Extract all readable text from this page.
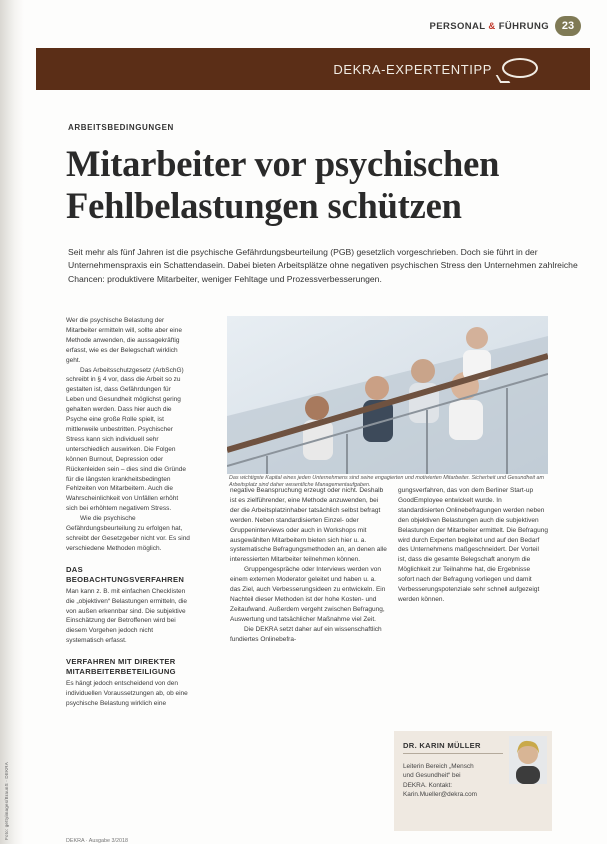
Foto: gettyimages/BraunS · DEKRA
PERSONAL & FÜHRUNG	23
DEKRA-EXPERTENTIPP
ARBEITSBEDINGUNGEN
Mitarbeiter vor psychischen
Fehlbelastungen schützen

Seit mehr als fünf Jahren ist die psychische Gefährdungsbeurteilung (PGB) gesetzlich vorgeschrieben. Doch sie führt in der Unternehmenspraxis ein Schattendasein. Dabei bieten Arbeitsplätze ohne negativen psychischen Stress den Unternehmen zahlreiche Chancen: produktivere Mitarbeiter, weniger Fehltage und Prozessverbesserungen.

Wer die psychische Belastung der Mitarbeiter ermitteln will, sollte aber eine Methode anwenden, die aussagekräftig erfasst, wie es der Belegschaft wirklich geht.

Das Arbeitsschutzgesetz (ArbSchG) schreibt in § 4 vor, dass die Arbeit so zu gestalten ist, dass Gefährdungen für Leben und Gesundheit möglichst gering gehalten werden. Dass hier auch die Psyche eine große Rolle spielt, ist mittlerweile unbestritten. Psychischer Stress kann sich individuell sehr unterschiedlich auswirken. Die Folgen können Burnout, Depression oder Rückenleiden sein – dies sind die Gründe für die längsten krankheitsbedingten Fehlzeiten von Mitarbeitern. Auch die Wahrscheinlichkeit von Unfällen erhöht sich bei erhöhtem negativem Stress.

Wie die psychische Gefährdungsbeurteilung zu erfolgen hat, schreibt der Gesetzgeber nicht vor. Es sind verschiedene Methoden möglich.

DAS BEOBACHTUNGSVERFAHREN

Man kann z. B. mit einfachen Checklisten die „objektiven“ Belastungen ermitteln, die von außen erkennbar sind. Die subjektive Einschätzung der Betroffenen wird bei diesem Vorgehen jedoch nicht systematisch erfasst.

VERFAHREN MIT DIREKTER
MITARBEITERBETEILIGUNG

Es hängt jedoch entscheidend von den individuellen Voraussetzungen ab, ob eine psychische Belastung wirklich eine

Das wichtigste Kapital eines jeden Unternehmens sind seine engagierten und motivierten Mitarbeiter. Sicherheit und Gesundheit am Arbeitsplatz sind daher wesentliche Managementaufgaben.

negative Beanspruchung erzeugt oder nicht. Deshalb ist es zielführender, eine Methode anzuwenden, bei der die Arbeitsplatzinhaber tatsächlich selbst befragt werden. Neben standardisierten Einzel- oder Gruppeninterviews oder auch in Workshops mit ausgewählten Mitarbeitern bieten sich hier u. a. systematische Befragungsmethoden an, an denen alle interessierten Mitarbeiter teilnehmen können.

Gruppengespräche oder Interviews werden von einem externen Moderator geleitet und haben u. a. das Ziel, auch Verbesserungsideen zu entwickeln. Ein Nachteil dieser Methoden ist der hohe Kosten- und Zeitaufwand. Außerdem vergeht zwischen Befragung, Auswertung und tatsächlicher Maßnahme viel Zeit.

Die DEKRA setzt daher auf ein wissenschaftlich fundiertes Onlinebefra-

gungsverfahren, das von dem Berliner Start-up GoodEmployee entwickelt wurde. In standardisierten Onlinebefragungen werden neben den objektiven Belastungen auch die subjektiven Belastungen der Mitarbeiter ermittelt. Die Befragung wird durch Experten begleitet und auf den Bedarf des Unternehmens maßgeschneidert. Der Vorteil ist, dass die gesamte Belegschaft anonym die Möglichkeit zur Teilnahme hat, die Ergebnisse sofort nach der Befragung vorliegen und damit Verbesserungspotenziale sehr schnell aufgezeigt werden können.

DR. KARIN MÜLLER
Leiterin Bereich „Mensch
und Gesundheit“ bei
DEKRA. Kontakt:
Karin.Mueller@dekra.com
DEKRA · Ausgabe 3/2018
